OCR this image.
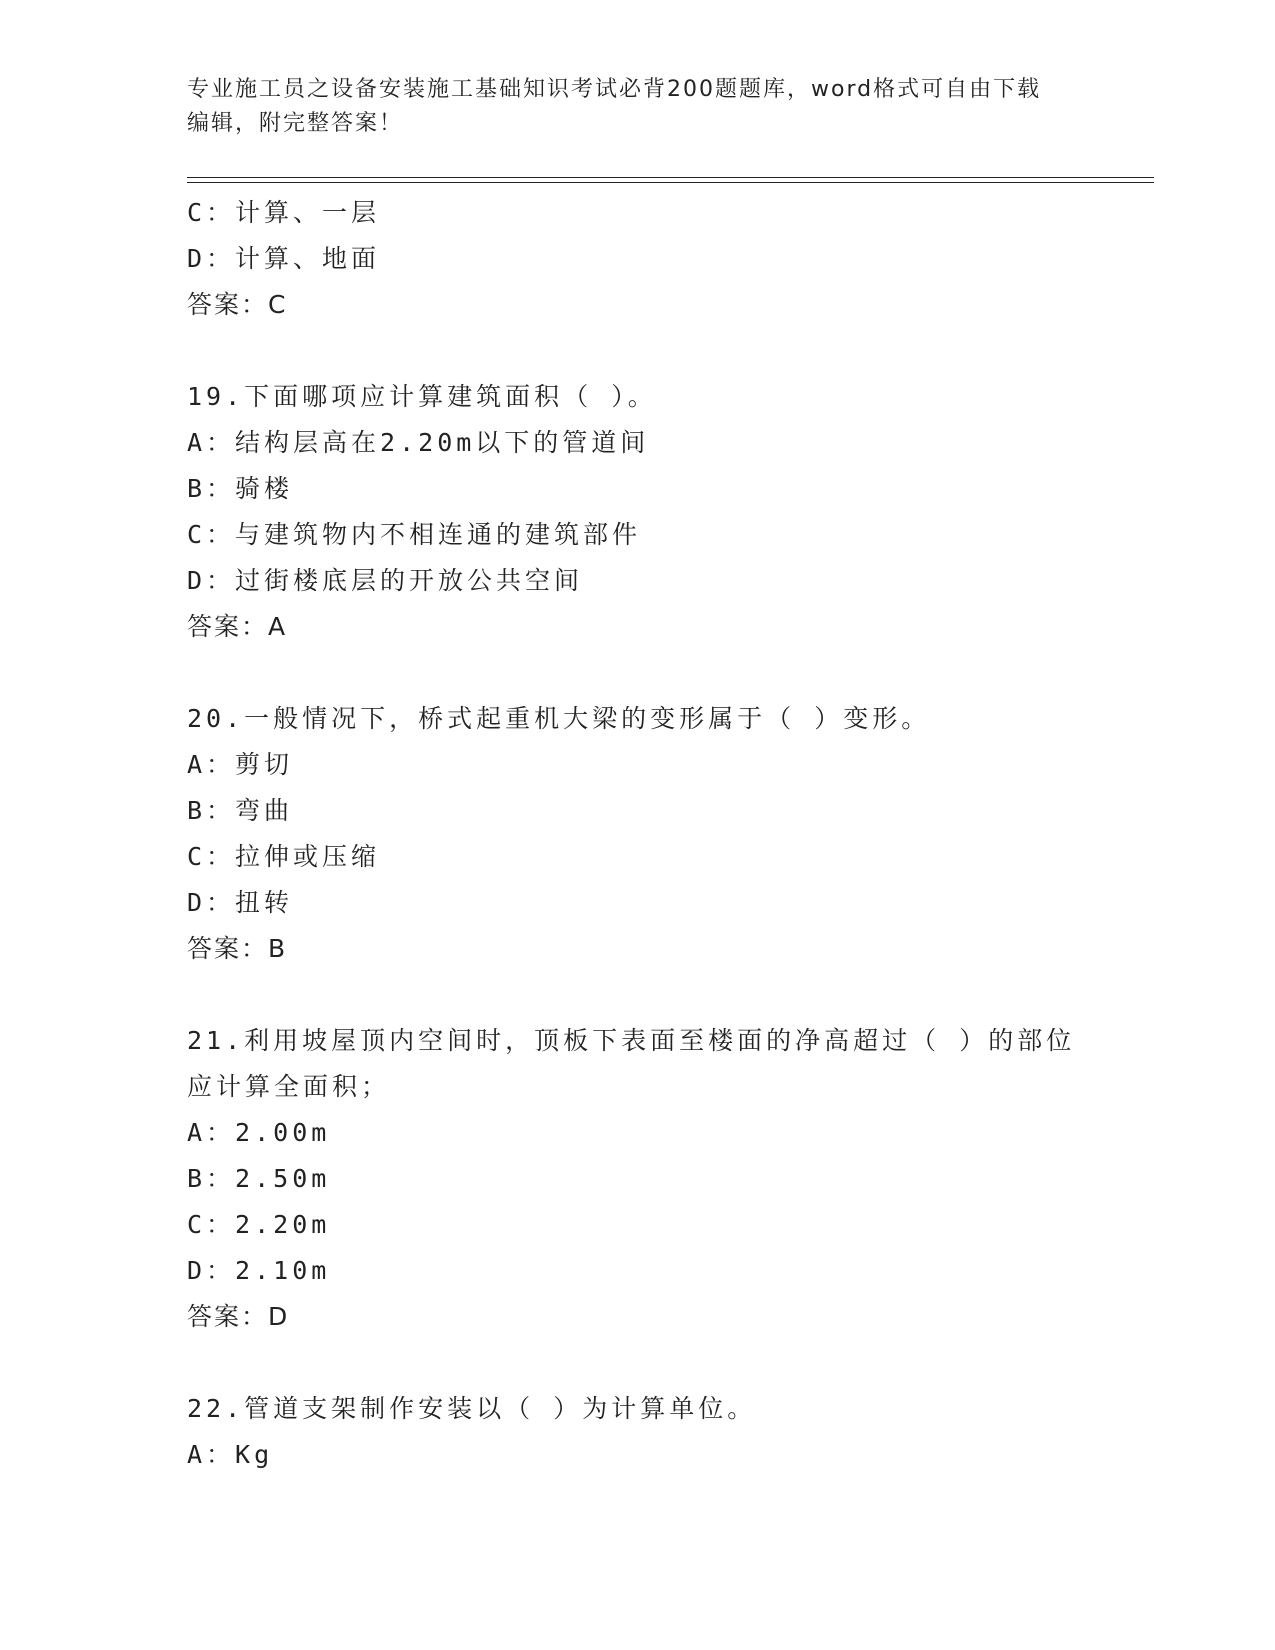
专业施工员之设备安装施工基础知识考试必背200题题库，word格式可自由下载
编辑，附完整答案！
C：计算、一层
D：计算、地面
答案：C
19.下面哪项应计算建筑面积（ ）。
A：结构层高在2.20m以下的管道间
B：骑楼
C：与建筑物内不相连通的建筑部件
D：过街楼底层的开放公共空间
答案：A
20.一般情况下，桥式起重机大梁的变形属于（ ）变形。
A：剪切
B：弯曲
C：拉伸或压缩
D：扭转
答案：B
21.利用坡屋顶内空间时，顶板下表面至楼面的净高超过（ ）的部位
应计算全面积；
A：2.00m
B：2.50m
C：2.20m
D：2.10m
答案：D
22.管道支架制作安装以（ ）为计算单位。
A：Kg
